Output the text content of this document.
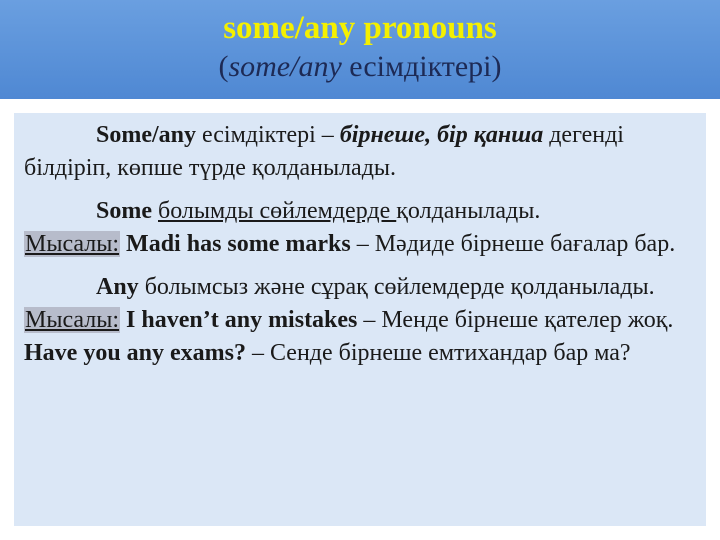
some/any pronouns
(some/any есімдіктері)

Some/any есімдіктері – бірнеше, бір қанша дегенді білдіріп, көпше түрде қолданылады.

Some болымды сөйлемдерде қолданылады.
Мысалы: Madi has some marks – Мәдиде бірнеше бағалар бар.

Any болымсыз және сұрақ сөйлемдерде қолданылады. Мысалы: I haven’t any mistakes – Менде бірнеше қателер жоқ.
Have you any exams? – Сенде бірнеше емтихандар бар ма?
